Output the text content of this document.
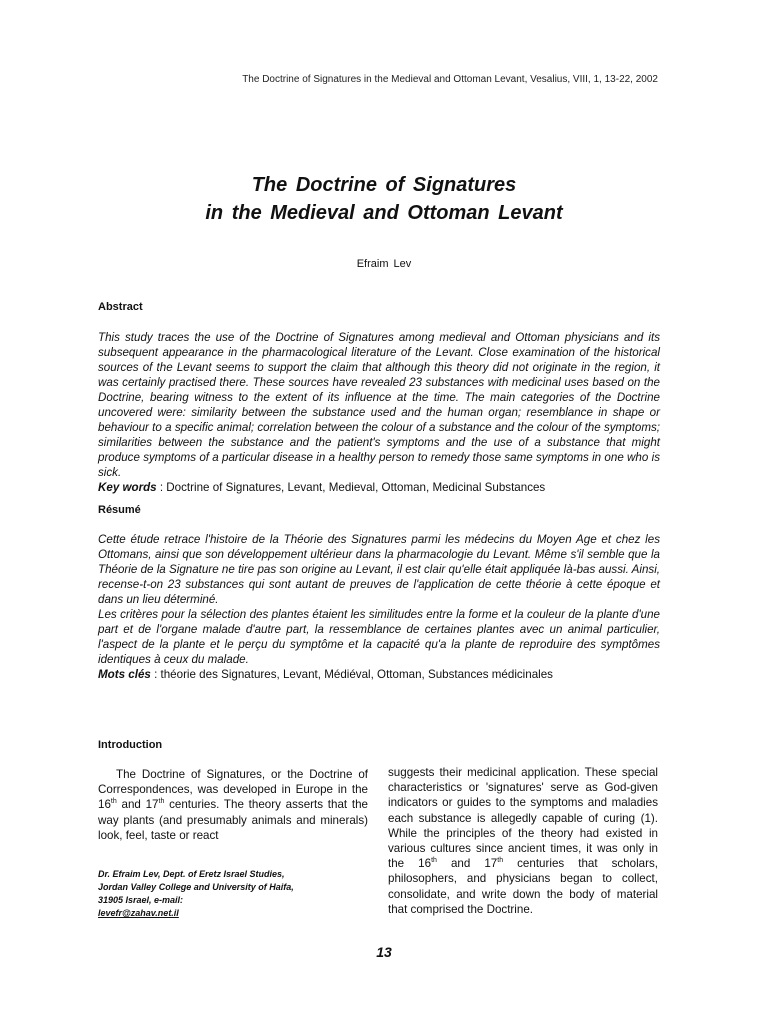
The Doctrine of Signatures in the Medieval and Ottoman Levant, Vesalius, VIII, 1, 13-22, 2002
The Doctrine of Signatures
in the Medieval and Ottoman Levant
Efraim Lev
Abstract

This study traces the use of the Doctrine of Signatures among medieval and Ottoman physicians and its subsequent appearance in the pharmacological literature of the Levant. Close examination of the historical sources of the Levant seems to support the claim that although this theory did not originate in the region, it was certainly practised there. These sources have revealed 23 substances with medicinal uses based on the Doctrine, bearing witness to the extent of its influence at the time. The main categories of the Doctrine uncovered were: similarity between the substance used and the human organ; resemblance in shape or behaviour to a specific animal; correlation between the colour of a substance and the colour of the symptoms; similarities between the substance and the patient's symptoms and the use of a substance that might produce symptoms of a particular disease in a healthy person to remedy those same symptoms in one who is sick.

Key words : Doctrine of Signatures, Levant, Medieval, Ottoman, Medicinal Substances

Résumé

Cette étude retrace l'histoire de la Théorie des Signatures parmi les médecins du Moyen Age et chez les Ottomans, ainsi que son développement ultérieur dans la pharmacologie du Levant. Même s'il semble que la Théorie de la Signature ne tire pas son origine au Levant, il est clair qu'elle était appliquée là-bas aussi. Ainsi, recense-t-on 23 substances qui sont autant de preuves de l'application de cette théorie à cette époque et dans un lieu déterminé.

Les critères pour la sélection des plantes étaient les similitudes entre la forme et la couleur de la plante d'une part et de l'organe malade d'autre part, la ressemblance de certaines plantes avec un animal particulier, l'aspect de la plante et le perçu du symptôme et la capacité qu'a la plante de reproduire des symptômes identiques à ceux du malade.

Mots clés : théorie des Signatures, Levant, Médiéval, Ottoman, Substances médicinales

Introduction

The Doctrine of Signatures, or the Doctrine of Correspondences, was developed in Europe in the 16th and 17th centuries. The theory asserts that the way plants (and presumably animals and minerals) look, feel, taste or react

suggests their medicinal application. These special characteristics or 'signatures' serve as God-given indicators or guides to the symptoms and maladies each substance is allegedly capable of curing (1). While the principles of the theory had existed in various cultures since ancient times, it was only in the 16th and 17th centuries that scholars, philosophers, and physicians began to collect, consolidate, and write down the body of material that comprised the Doctrine.

Dr. Efraim Lev, Dept. of Eretz Israel Studies,
Jordan Valley College and University of Haifa,
31905 Israel, e-mail:
levefr@zahav.net.il
13
